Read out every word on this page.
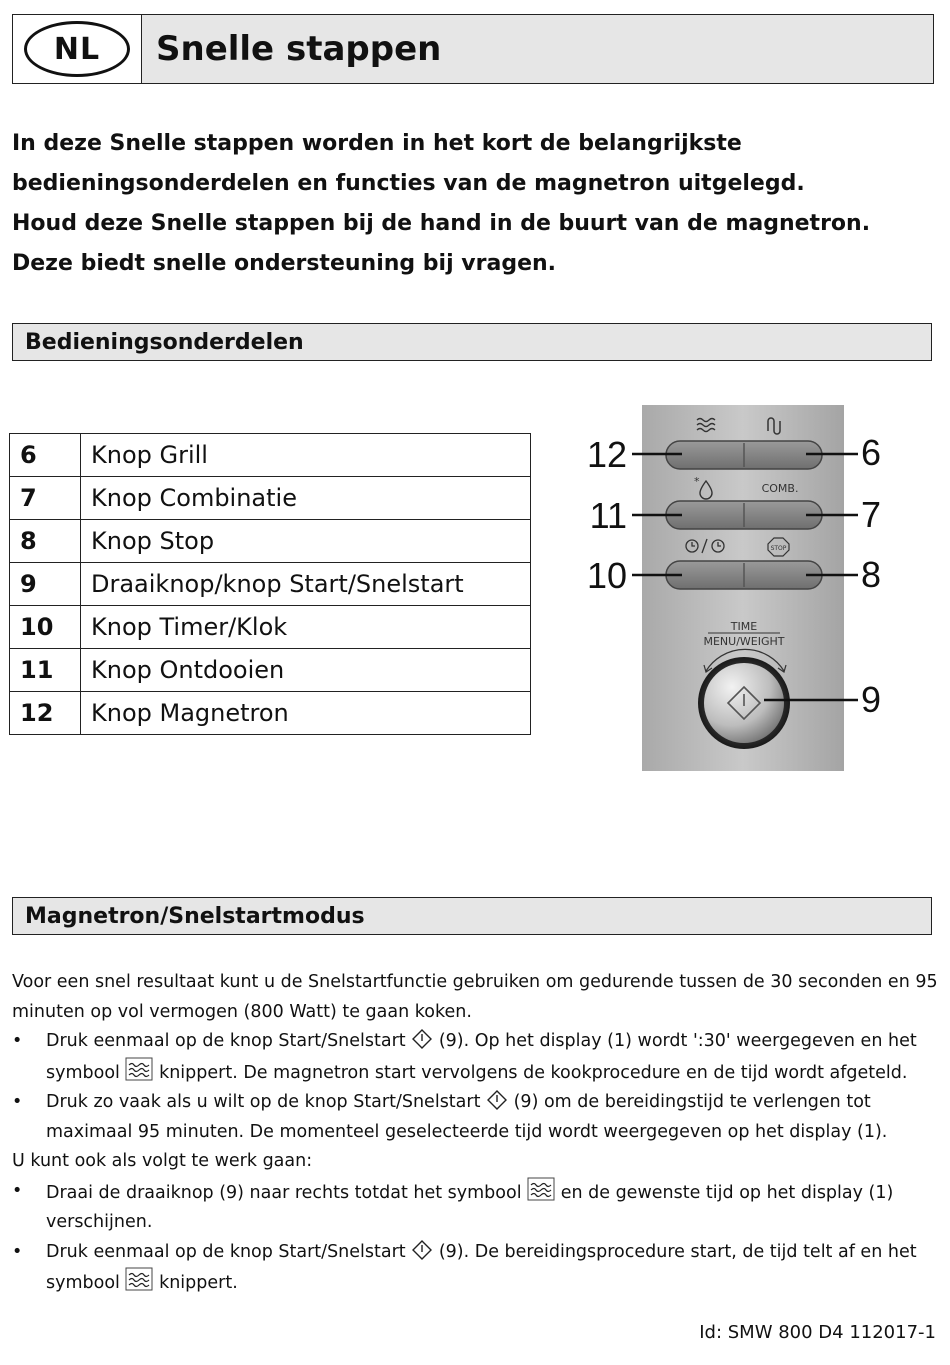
NL	Snelle stappen

In deze Snelle stappen worden in het kort de belangrijkste bedieningsonderdelen en functies van de magnetron uitgelegd.

Houd deze Snelle stappen bij de hand in de buurt van de magnetron. Deze biedt snelle ondersteuning bij vragen.

Bedieningsonderdelen
6	Knop Grill
7	Knop Combinatie
8	Knop Stop
9	Draaiknop/knop Start/Snelstart
10	Knop Timer/Klok
11	Knop Ontdooien
12	Knop Magnetron
*
COMB.
STOP
TIME
MENU/WEIGHT
12
11
10
6
7
8
9
Magnetron/Snelstartmodus

Voor een snel resultaat kunt u de Snelstartfunctie gebruiken om gedurende tussen de 30 seconden en 95 minuten op vol vermogen (800 Watt) te gaan koken.

•	Druk eenmaal op de knop Start/Snelstart (9). Op het display (1) wordt ':30' weergegeven en het symbool knippert. De magnetron start vervolgens de kookprocedure en de tijd wordt afgeteld.
•	Druk zo vaak als u wilt op de knop Start/Snelstart (9) om de bereidingstijd te verlengen tot maximaal 95 minuten. De momenteel geselecteerde tijd wordt weergegeven op het display (1).

U kunt ook als volgt te werk gaan:

•	Draai de draaiknop (9) naar rechts totdat het symbool en de gewenste tijd op het display (1) verschijnen.
•	Druk eenmaal op de knop Start/Snelstart (9). De bereidingsprocedure start, de tijd telt af en het symbool knippert.
Id: SMW 800 D4 112017-1
